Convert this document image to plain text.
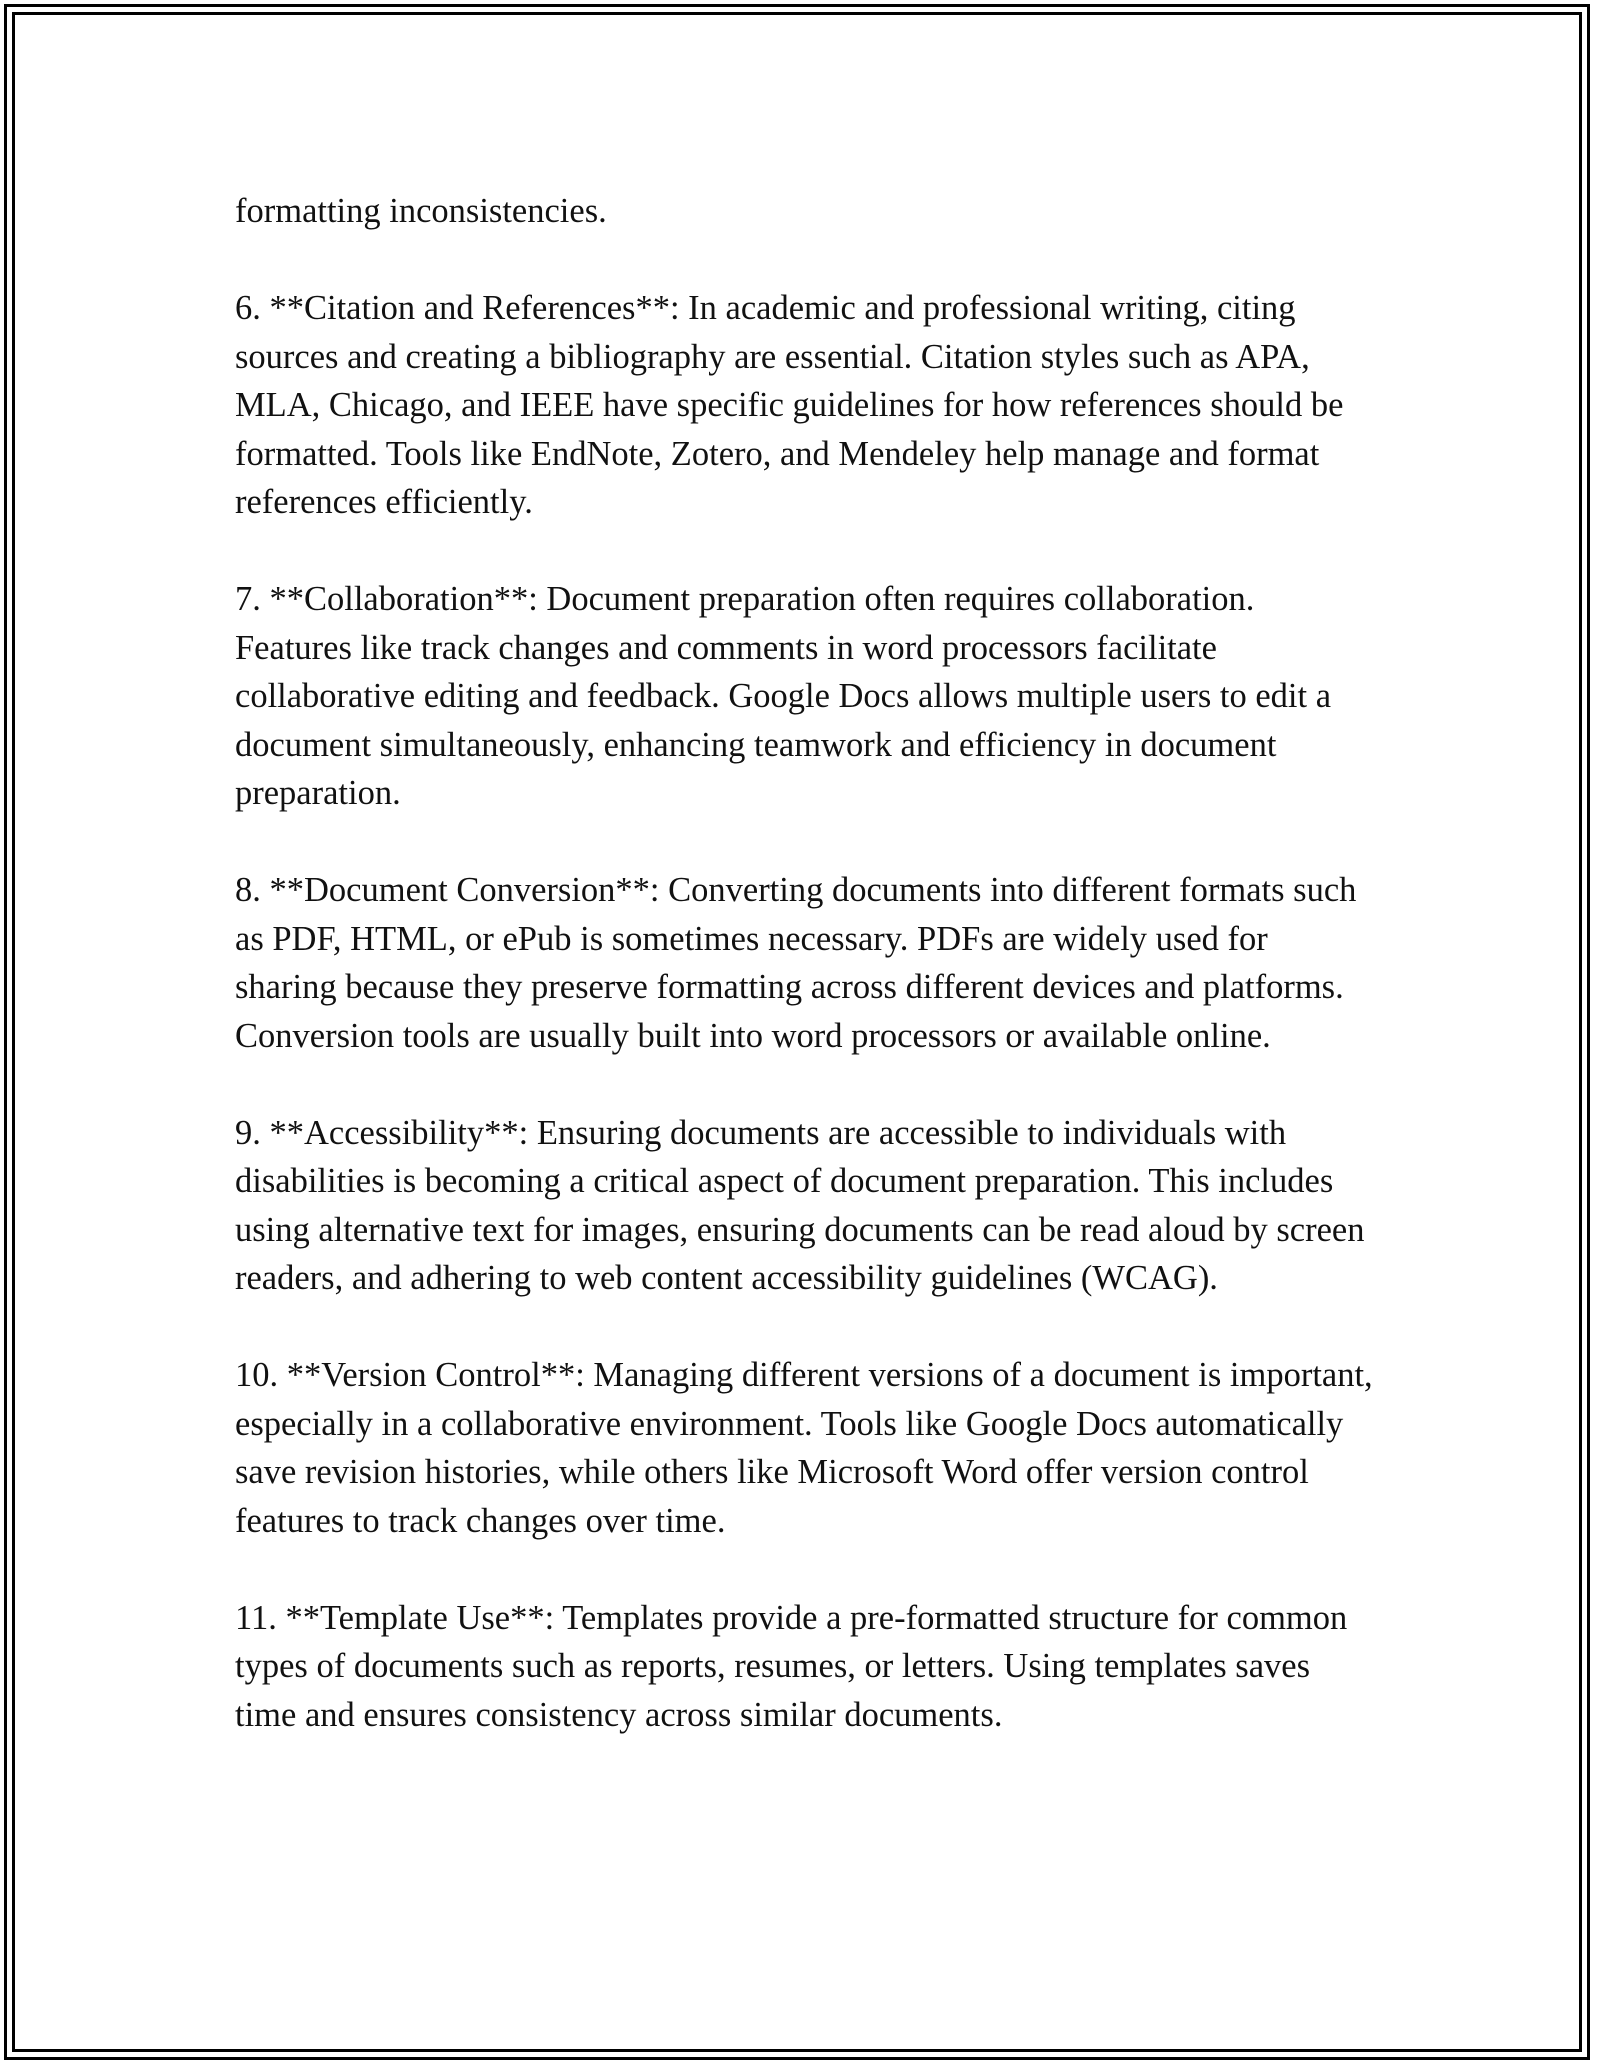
formatting inconsistencies.

6. **Citation and References**: In academic and professional writing, citing sources and creating a bibliography are essential. Citation styles such as APA, MLA, Chicago, and IEEE have specific guidelines for how references should be formatted. Tools like EndNote, Zotero, and Mendeley help manage and format references efficiently.

7. **Collaboration**: Document preparation often requires collaboration. Features like track changes and comments in word processors facilitate collaborative editing and feedback. Google Docs allows multiple users to edit a document simultaneously, enhancing teamwork and efficiency in document preparation.

8. **Document Conversion**: Converting documents into different formats such as PDF, HTML, or ePub is sometimes necessary. PDFs are widely used for sharing because they preserve formatting across different devices and platforms. Conversion tools are usually built into word processors or available online.

9. **Accessibility**: Ensuring documents are accessible to individuals with disabilities is becoming a critical aspect of document preparation. This includes using alternative text for images, ensuring documents can be read aloud by screen readers, and adhering to web content accessibility guidelines (WCAG).

10. **Version Control**: Managing different versions of a document is important, especially in a collaborative environment. Tools like Google Docs automatically save revision histories, while others like Microsoft Word offer version control features to track changes over time.

11. **Template Use**: Templates provide a pre-formatted structure for common types of documents such as reports, resumes, or letters. Using templates saves time and ensures consistency across similar documents.
